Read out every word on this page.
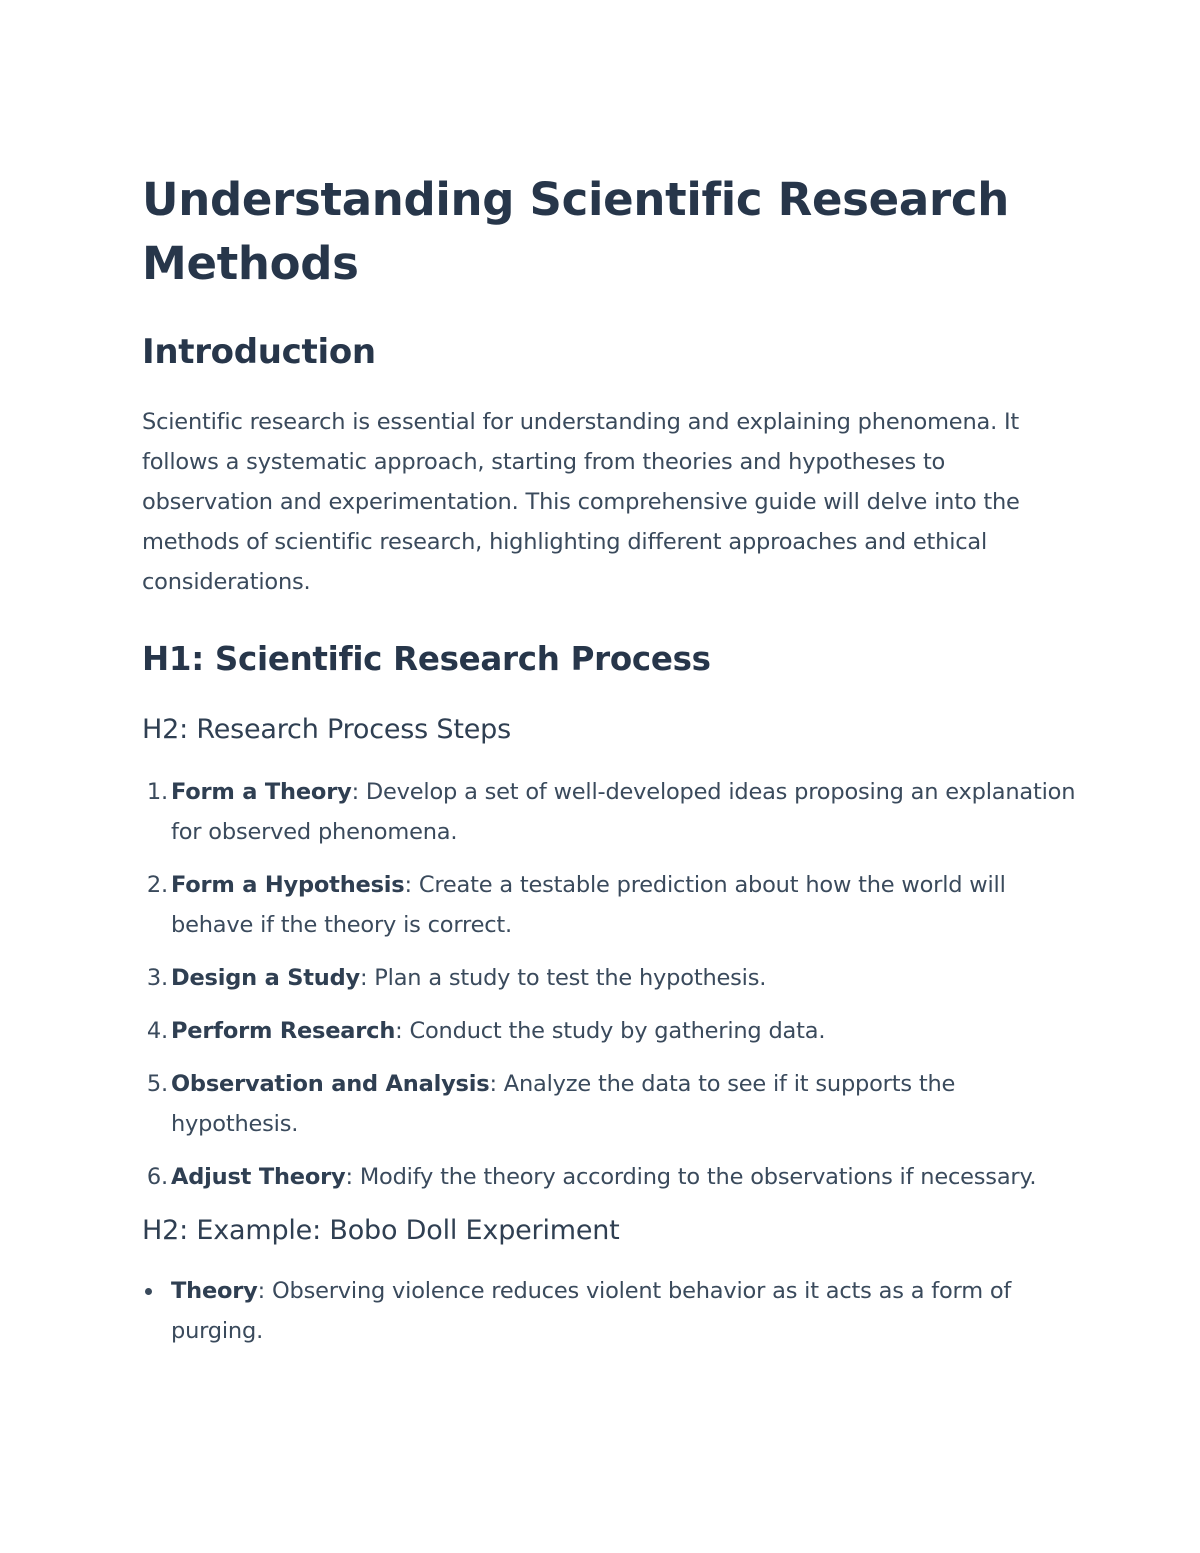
Understanding Scientific Research Methods
Introduction

Scientific research is essential for understanding and explaining phenomena. It follows a systematic approach, starting from theories and hypotheses to observation and experimentation. This comprehensive guide will delve into the methods of scientific research, highlighting different approaches and ethical considerations.

H1: Scientific Research Process
H2: Research Process Steps
1. Form a Theory: Develop a set of well-developed ideas proposing an explanation for observed phenomena.
2. Form a Hypothesis: Create a testable prediction about how the world will behave if the theory is correct.
3. Design a Study: Plan a study to test the hypothesis.
4. Perform Research: Conduct the study by gathering data.
5. Observation and Analysis: Analyze the data to see if it supports the hypothesis.
6. Adjust Theory: Modify the theory according to the observations if necessary.
H2: Example: Bobo Doll Experiment
Theory: Observing violence reduces violent behavior as it acts as a form of purging.
